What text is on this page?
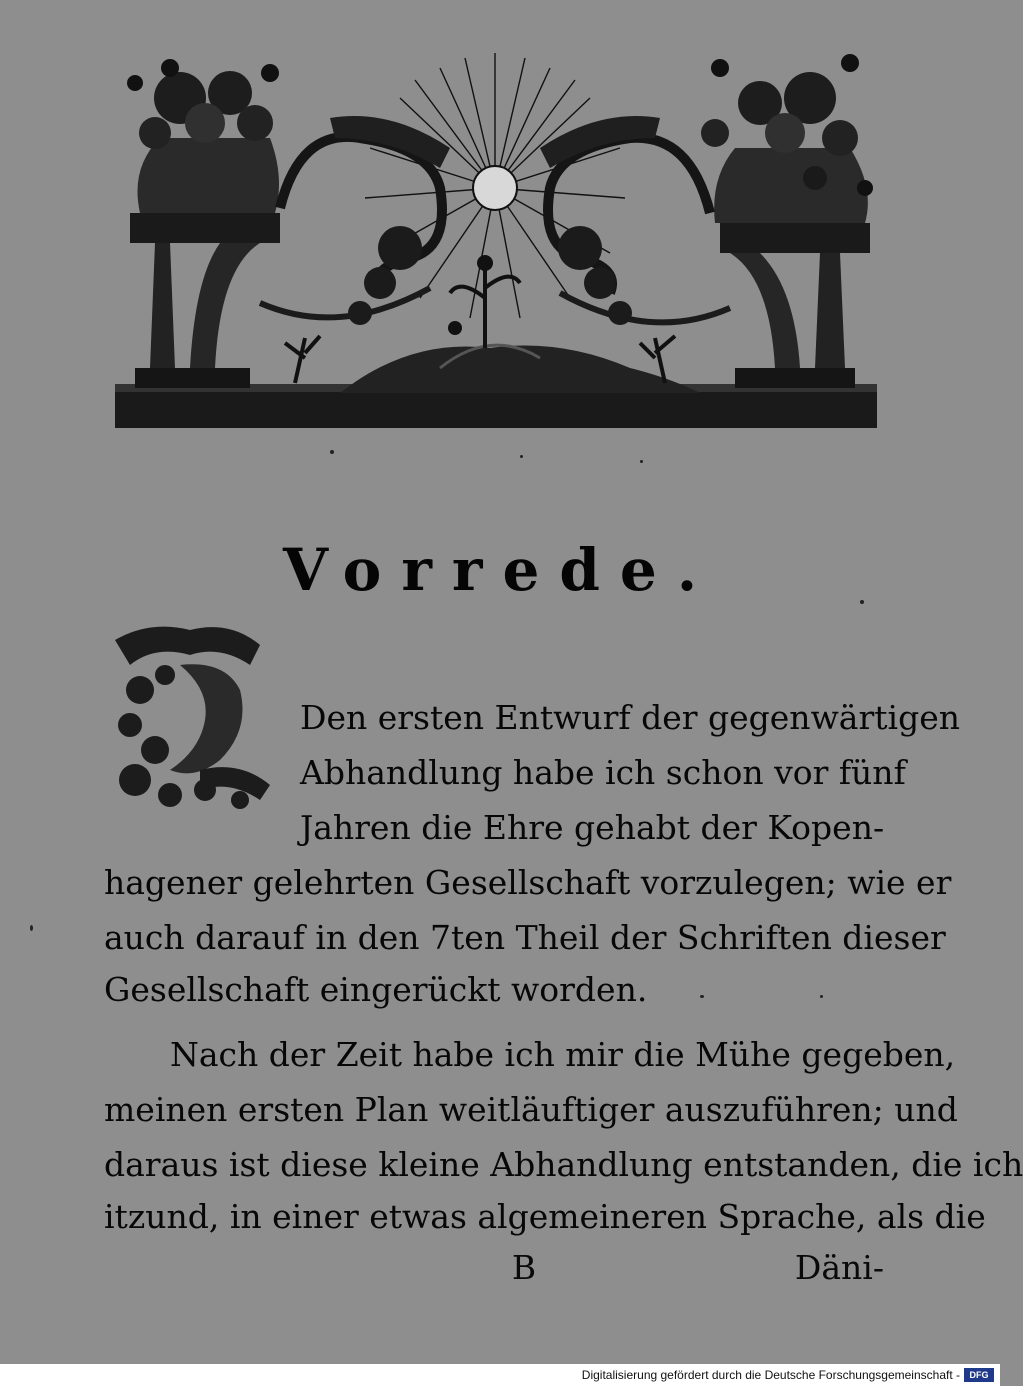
Vorrede.
Den ersten Entwurf der gegenwärtigen
Abhandlung habe ich schon vor fünf
Jahren die Ehre gehabt der Kopen-
hagener gelehrten Gesellschaft vorzulegen; wie er
auch darauf in den 7ten Theil der Schriften dieser
Gesellschaft eingerückt worden.
Nach der Zeit habe ich mir die Mühe gegeben,
meinen ersten Plan weitläuftiger auszuführen; und
daraus ist diese kleine Abhandlung entstanden, die ich
itzund, in einer etwas algemeineren Sprache, als die
B	Däni-
Digitalisierung gefördert durch die Deutsche Forschungsgemeinschaft -	DFG
